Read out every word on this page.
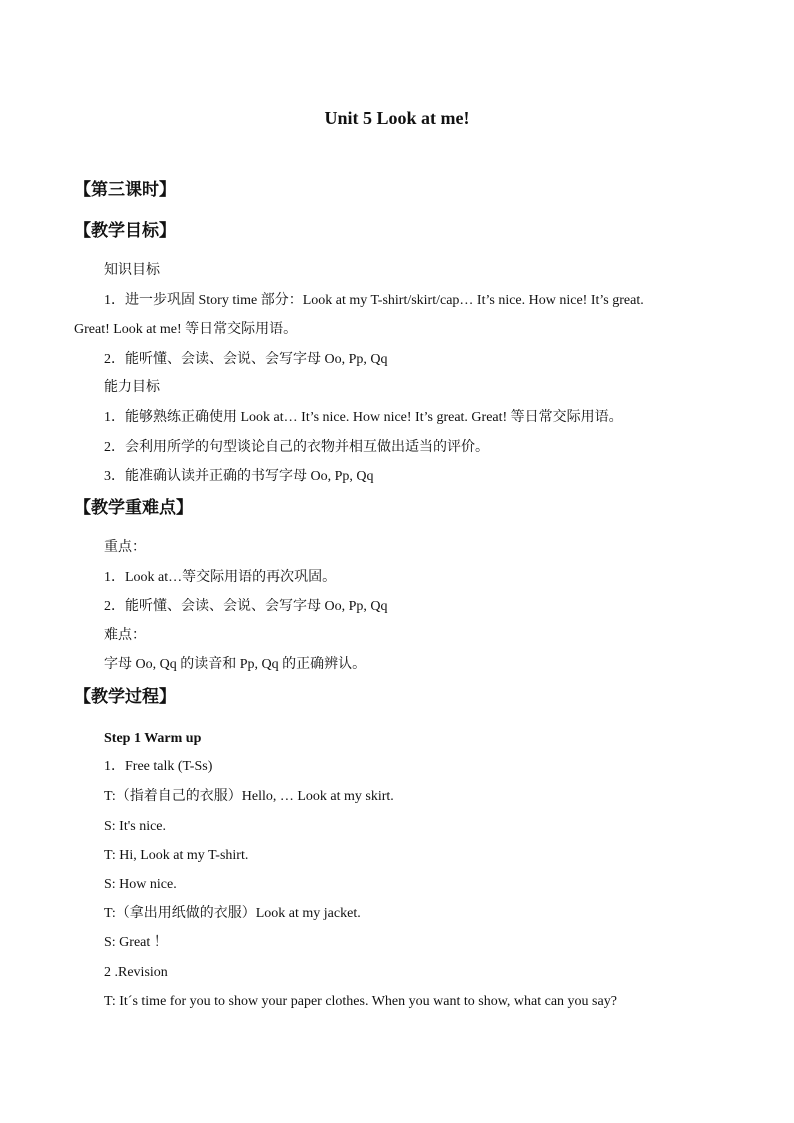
Unit 5 Look at me!
【第三课时】
【教学目标】
知识目标
1．进一步巩固 Story time 部分：Look at my T-shirt/skirt/cap… It’s nice. How nice! It’s great.
Great! Look at me! 等日常交际用语。
2．能听懂、会读、会说、会写字母 Oo, Pp, Qq
能力目标
1．能够熟练正确使用 Look at… It’s nice. How nice! It’s great. Great! 等日常交际用语。
2．会利用所学的句型谈论自己的衣物并相互做出适当的评价。
3．能准确认读并正确的书写字母 Oo, Pp, Qq
【教学重难点】
重点：
1．Look at…等交际用语的再次巩固。
2．能听懂、会读、会说、会写字母 Oo, Pp, Qq
难点：
字母 Oo, Qq 的读音和 Pp, Qq 的正确辨认。
【教学过程】
Step 1 Warm up
1．Free talk (T-Ss)
T:（指着自己的衣服）Hello, … Look at my skirt.
S: It's nice.
T: Hi, Look at my T-shirt.
S: How nice.
T:（拿出用纸做的衣服）Look at my jacket.
S: Great ！
2 .Revision
T: It´s time for you to show your paper clothes. When you want to show, what can you say?
